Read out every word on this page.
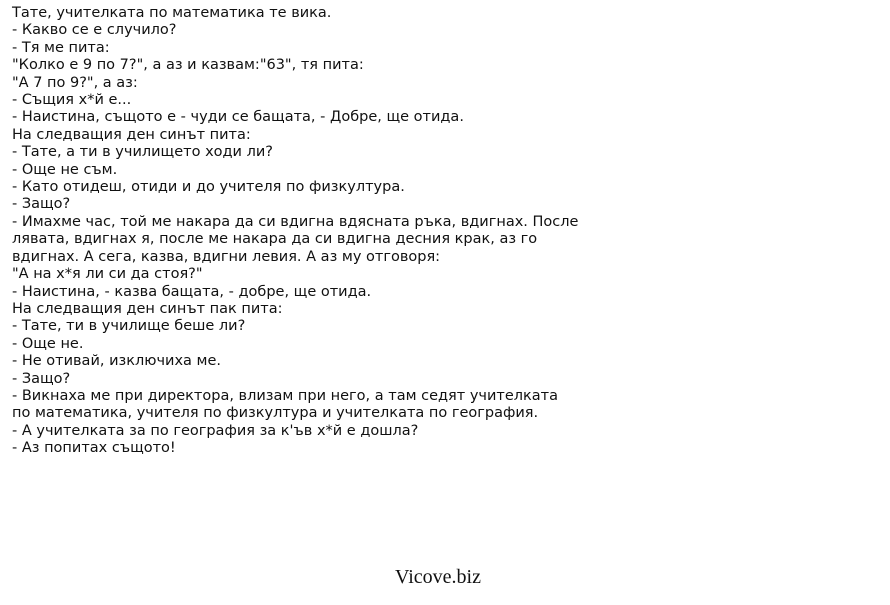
Тате, учителката по математика те вика.
- Какво се е случило?
- Тя ме пита:
"Колко е 9 по 7?", а аз и казвам:"63", тя пита:
"А 7 по 9?", а аз:
- Същия х*й е...
- Наистина, същото е - чуди се бащата, - Добре, ще отида.
На следващия ден синът пита:
- Тате, а ти в училището ходи ли?
- Още не съм.
- Като отидеш, отиди и до учителя по физкултура.
- Защо?
- Имахме час, той ме накара да си вдигна вдясната ръка, вдигнах. После
лявата, вдигнах я, после ме накара да си вдигна десния крак, аз го
вдигнах. А сега, казва, вдигни левия. А аз му отговоря:
"А на х*я ли си да стоя?"
- Наистина, - казва бащата, - добре, ще отида.
На следващия ден синът пак пита:
- Тате, ти в училище беше ли?
- Още не.
- Не отивай, изключиха ме.
- Защо?
- Викнаха ме при директора, влизам при него, а там седят учителката
по математика, учителя по физкултура и учителката по география.
- А учителката за по география за к'ъв х*й е дошла?
- Аз попитах същото!
Vicove.biz
